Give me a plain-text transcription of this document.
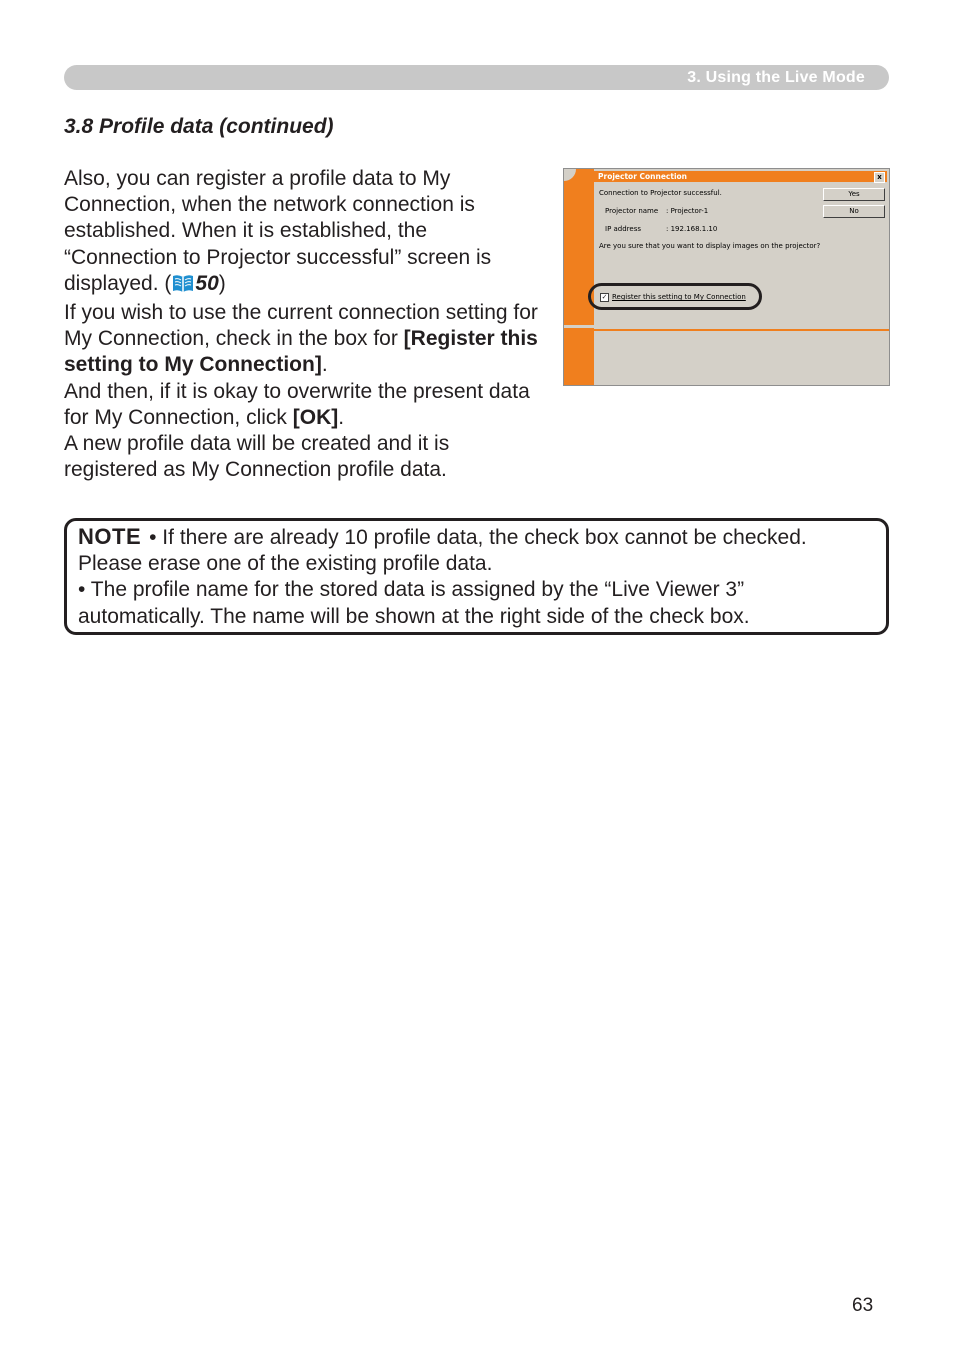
3. Using the Live Mode
3.8 Profile data (continued)

Also, you can register a profile data to My Connection, when the network connection is established. When it is established, the “Connection to Projector successful” screen is displayed. ( 50)

If you wish to use the current connection setting for My Connection, check in the box for [Register this setting to My Connection].

And then, if it is okay to overwrite the present data for My Connection, click [OK].

A new profile data will be created and it is registered as My Connection profile data.

Projector Connection	x
Connection to Projector successful.
Projector name : Projector-1
IP address	: 192.168.1.10
Are you sure that you want to display images on the projector?
Yes
No
✓ Register this setting to My Connection

NOTE • If there are already 10 profile data, the check box cannot be checked. Please erase one of the existing profile data.

• The profile name for the stored data is assigned by the “Live Viewer 3” automatically. The name will be shown at the right side of the check box.

63
